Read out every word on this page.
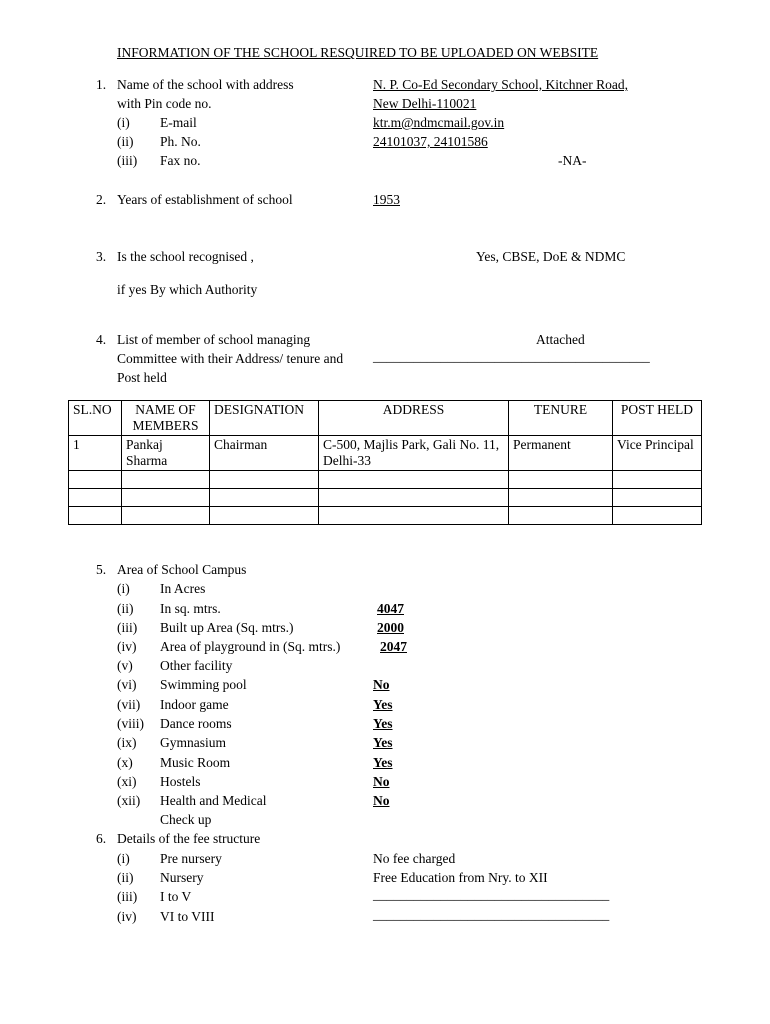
INFORMATION OF THE SCHOOL RESQUIRED TO BE UPLOADED ON WEBSITE
1. Name of the school with address
with Pin code no.
N. P. Co-Ed Secondary School, Kitchner Road,
New Delhi-110021
(i) E-mail	ktr.m@ndmcmail.gov.in
(ii) Ph. No.	24101037, 24101586
(iii) Fax no.	-NA-
2. Years of establishment of school	1953
3. Is the school recognised ,	Yes, CBSE, DoE & NDMC
if yes By which Authority
4. List of member of school managing
Committee with their Address/ tenure and
Post held
Attached
_________________________________________
SL.NO	NAME OF MEMBERS	DESIGNATION	ADDRESS	TENURE	POST HELD
1	Pankaj Sharma	Chairman	C-500, Majlis Park, Gali No. 11, Delhi-33	Permanent	Vice Principal

5. Area of School Campus
(i) In Acres
(ii) In sq. mtrs.	4047
(iii) Built up Area (Sq. mtrs.)	2000
(iv) Area of playground in (Sq. mtrs.)	2047
(v) Other facility
(vi) Swimming pool	No
(vii) Indoor game	Yes
(viii) Dance rooms	Yes
(ix) Gymnasium	Yes
(x) Music Room	Yes
(xi) Hostels	No
(xii) Health and Medical
Check up
No
6. Details of the fee structure
(i) Pre nursery	No fee charged
(ii) Nursery	Free Education from Nry. to XII
(iii) I to V	___________________________________
(iv) VI to VIII	___________________________________
